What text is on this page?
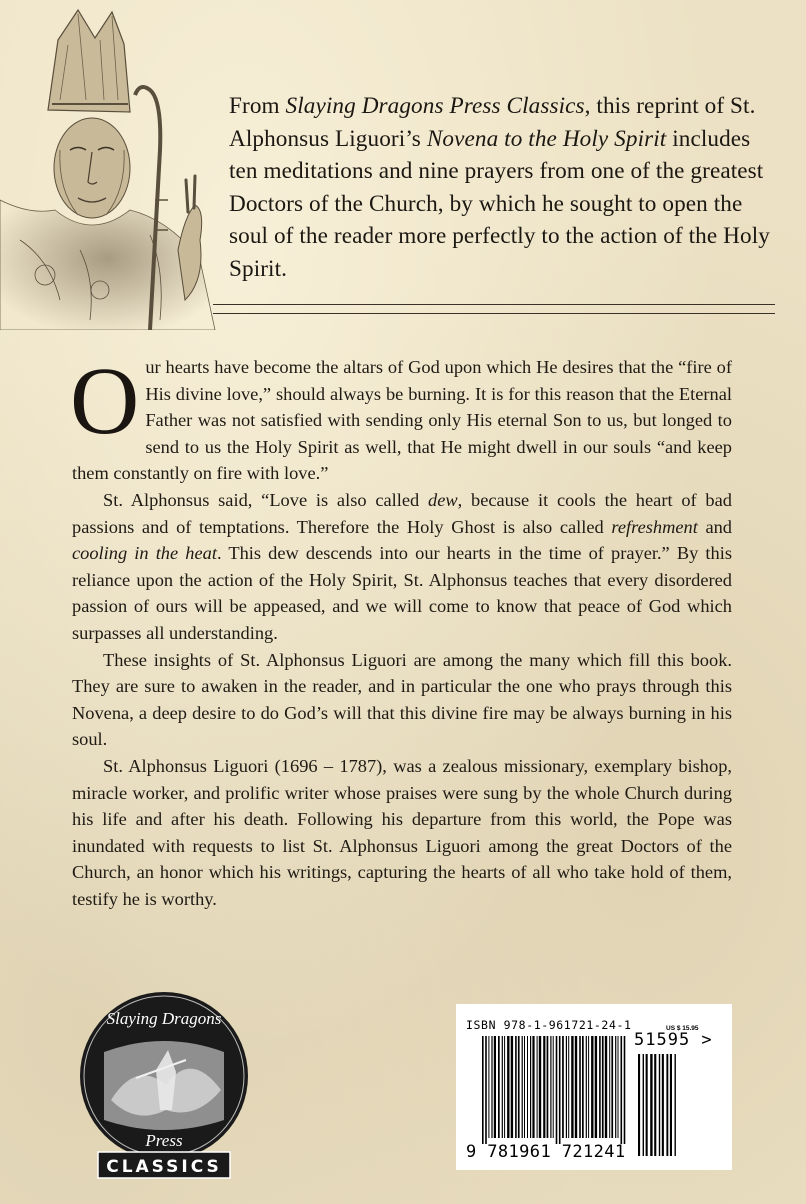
From Slaying Dragons Press Classics, this reprint of St. Alphonsus Liguori’s Novena to the Holy Spirit includes ten meditations and nine prayers from one of the greatest Doctors of the Church, by which he sought to open the soul of the reader more perfectly to the action of the Holy Spirit.

Our hearts have become the altars of God upon which He desires that the “fire of His divine love,” should always be burning. It is for this reason that the Eternal Father was not satisfied with sending only His eternal Son to us, but longed to send to us the Holy Spirit as well, that He might dwell in our souls “and keep them constantly on fire with love.”

St. Alphonsus said, “Love is also called dew, because it cools the heart of bad passions and of temptations. Therefore the Holy Ghost is also called refreshment and cooling in the heat. This dew descends into our hearts in the time of prayer.” By this reliance upon the action of the Holy Spirit, St. Alphonsus teaches that every disordered passion of ours will be appeased, and we will come to know that peace of God which surpasses all understanding.

These insights of St. Alphonsus Liguori are among the many which fill this book. They are sure to awaken in the reader, and in particular the one who prays through this Novena, a deep desire to do God’s will that this divine fire may be always burning in his soul.

St. Alphonsus Liguori (1696 – 1787), was a zealous missionary, exemplary bishop, miracle worker, and prolific writer whose praises were sung by the whole Church during his life and after his death. Following his departure from this world, the Pope was inundated with requests to list St. Alphonsus Liguori among the great Doctors of the Church, an honor which his writings, capturing the hearts of all who take hold of them, testify he is worthy.

Slaying Dragons
Press
CLASSICS
ISBN 978-1-961721-24-1	US $ 15.95
51595 >
9 781961 721241
